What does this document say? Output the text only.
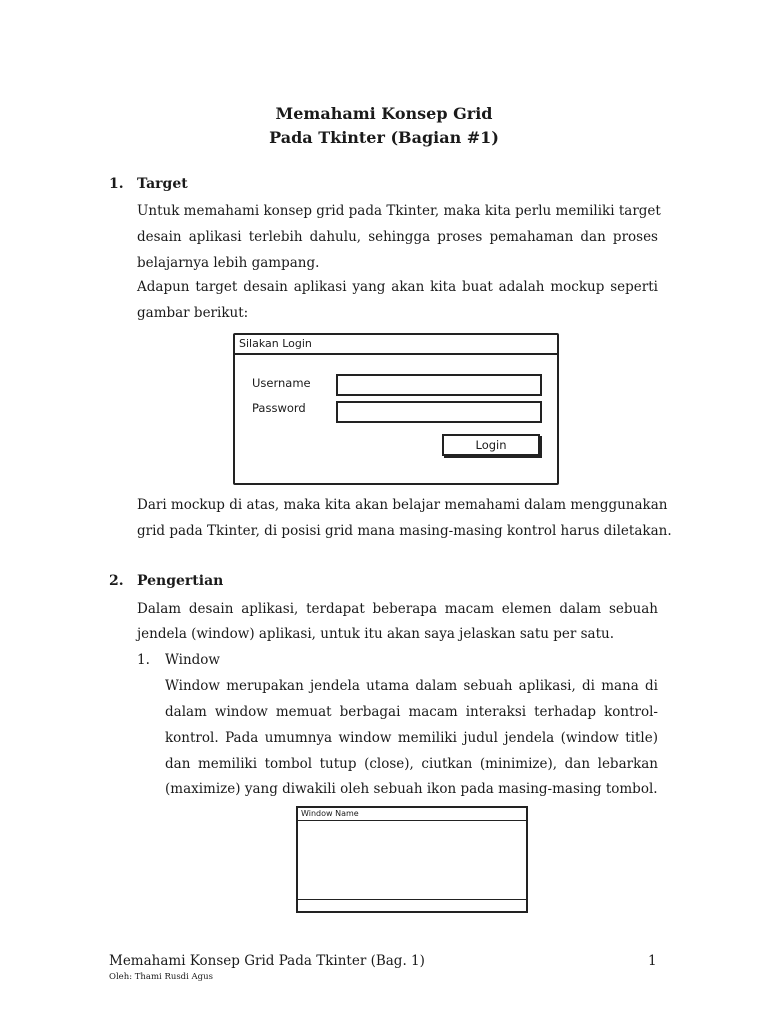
Memahami Konsep Grid
Pada Tkinter (Bagian #1)
1. Target
Untuk memahami konsep grid pada Tkinter, maka kita perlu memiliki target
desain aplikasi terlebih dahulu, sehingga proses pemahaman dan proses
belajarnya lebih gampang.
Adapun target desain aplikasi yang akan kita buat adalah mockup seperti
gambar berikut:
Silakan Login
Username
Password
Login
Dari mockup di atas, maka kita akan belajar memahami dalam menggunakan
grid pada Tkinter, di posisi grid mana masing-masing kontrol harus diletakan.
2. Pengertian
Dalam desain aplikasi, terdapat beberapa macam elemen dalam sebuah
jendela (window) aplikasi, untuk itu akan saya jelaskan satu per satu.
1. Window
Window merupakan jendela utama dalam sebuah aplikasi, di mana di
dalam window memuat berbagai macam interaksi terhadap kontrol-
kontrol. Pada umumnya window memiliki judul jendela (window title)
dan memiliki tombol tutup (close), ciutkan (minimize), dan lebarkan
(maximize) yang diwakili oleh sebuah ikon pada masing-masing tombol.
Window Name
Memahami Konsep Grid Pada Tkinter (Bag. 1)
Oleh: Thami Rusdi Agus
1
